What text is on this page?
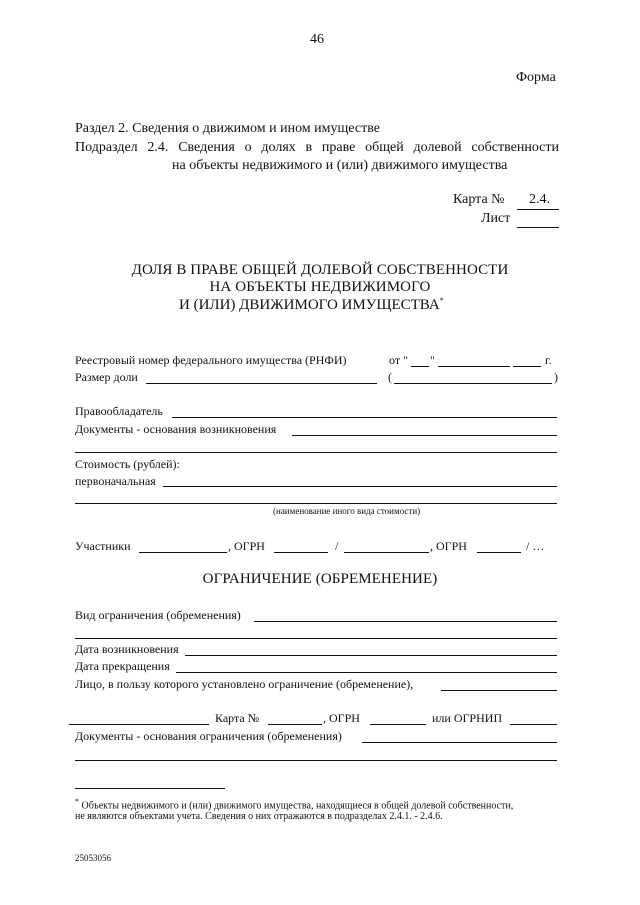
46
Форма
Раздел 2. Сведения о движимом и ином имуществе
Подраздел 2.4. Сведения о долях в праве общей долевой собственности
на объекты недвижимого и (или) движимого имущества
Карта № 2.4.
Лист
ДОЛЯ В ПРАВЕ ОБЩЕЙ ДОЛЕВОЙ СОБСТВЕННОСТИ
НА ОБЪЕКТЫ НЕДВИЖИМОГО
И (ИЛИ) ДВИЖИМОГО ИМУЩЕСТВА*
Реестровый номер федерального имущества (РНФИ)	от " "	г.
Размер доли	(	)
Правообладатель
Документы - основания возникновения
Стоимость (рублей):
первоначальная
(наименование иного вида стоимости)
Участники	, ОГРН	/	, ОГРН	/ …
ОГРАНИЧЕНИЕ (ОБРЕМЕНЕНИЕ)
Вид ограничения (обременения)
Дата возникновения
Дата прекращения
Лицо, в пользу которого установлено ограничение (обременение),
Карта №	, ОГРН	или ОГРНИП
Документы - основания ограничения (обременения)
* Объекты недвижимого и (или) движимого имущества, находящиеся в общей долевой собственности,
не являются объектами учета. Сведения о них отражаются в подразделах 2.4.1. - 2.4.6.
25053056
